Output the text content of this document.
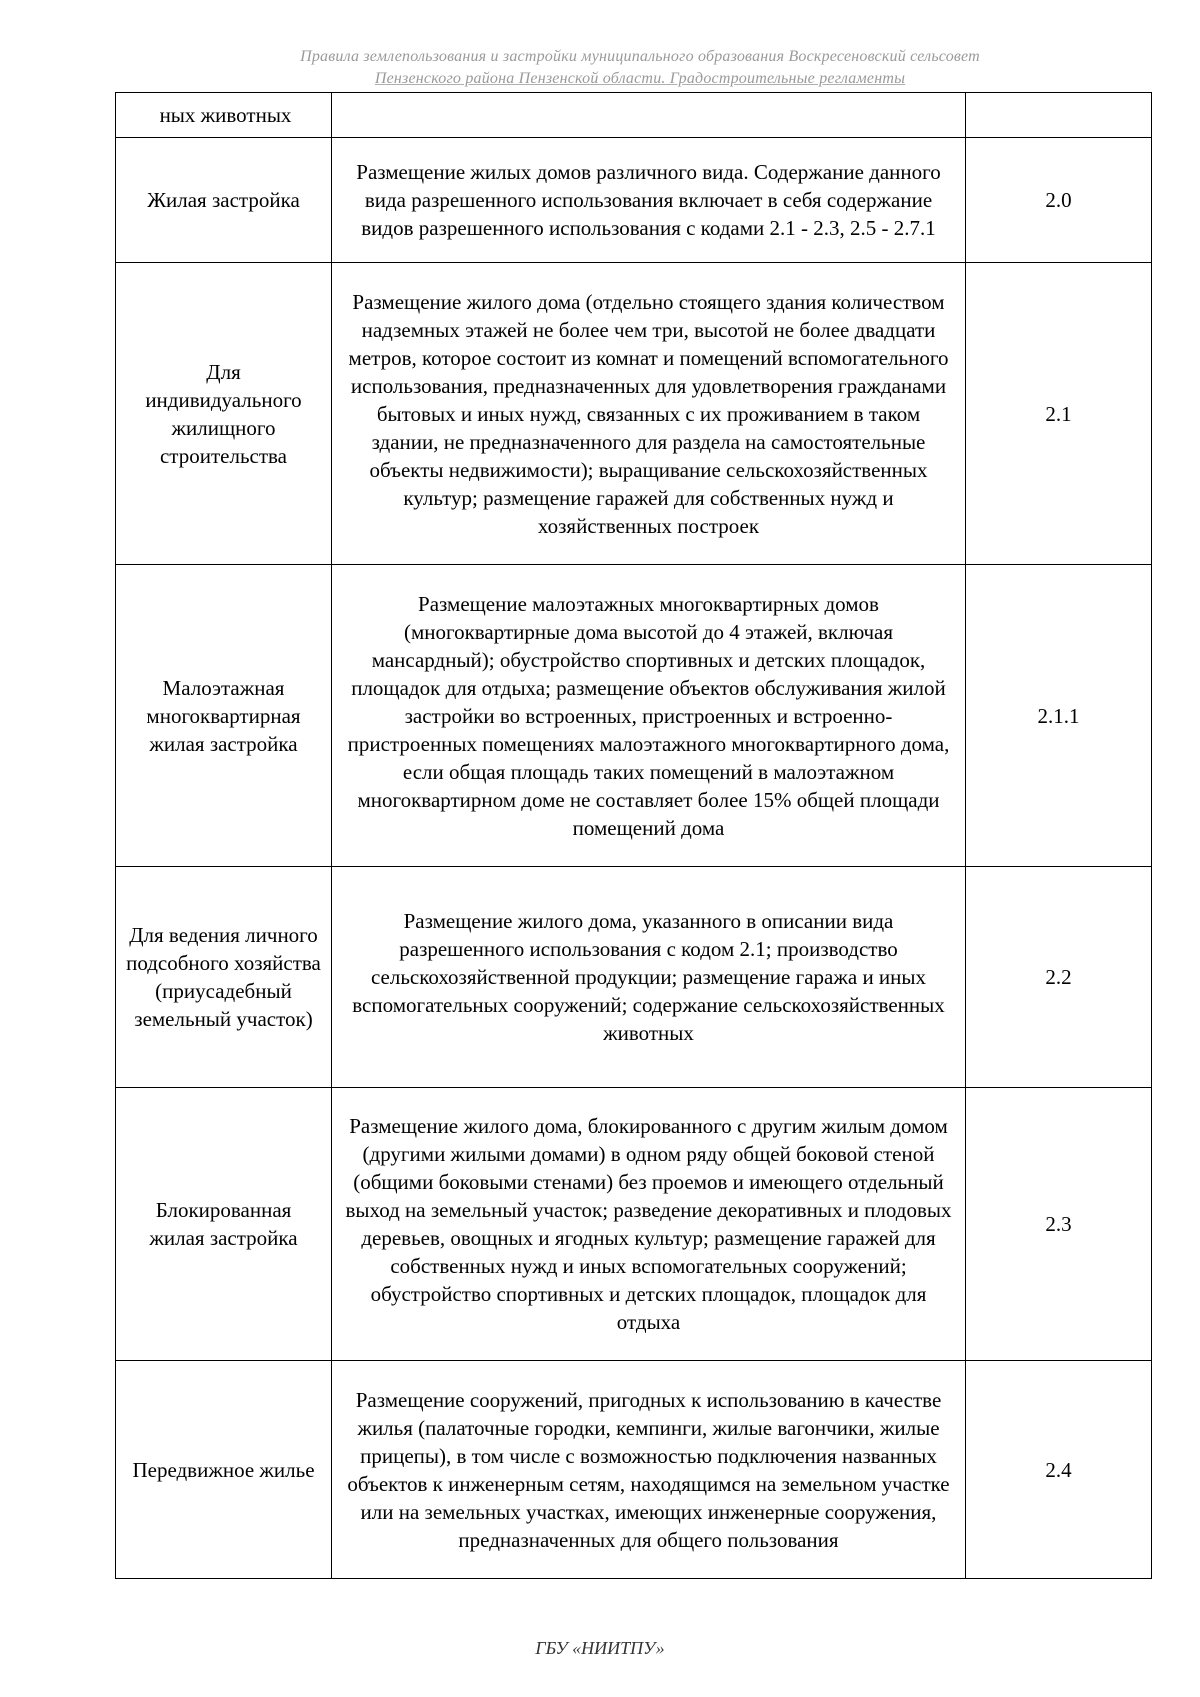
Правила землепользования и застройки муниципального образования Воскресеновский сельсовет
Пензенского района Пензенской области. Градостроительные регламенты
ных животных		
Жилая застройка	Размещение жилых домов различного вида. Содержание данного вида разрешенного использования включает в себя содержание видов разрешенного использования с кодами 2.1 - 2.3, 2.5 - 2.7.1	2.0
Для индивидуального жилищного строительства	Размещение жилого дома (отдельно стоящего здания количеством надземных этажей не более чем три, высотой не более двадцати метров, которое состоит из комнат и помещений вспомогательного использования, предназначенных для удовлетворения гражданами бытовых и иных нужд, связанных с их проживанием в таком здании, не предназначенного для раздела на самостоятельные объекты недвижимости); выращивание сельскохозяйственных культур; размещение гаражей для собственных нужд и хозяйственных построек	2.1
Малоэтажная многоквартирная жилая застройка	Размещение малоэтажных многоквартирных домов (многоквартирные дома высотой до 4 этажей, включая мансардный); обустройство спортивных и детских площадок, площадок для отдыха; размещение объектов обслуживания жилой застройки во встроенных, пристроенных и встроенно-пристроенных помещениях малоэтажного многоквартирного дома, если общая площадь таких помещений в малоэтажном многоквартирном доме не составляет более 15% общей площади помещений дома	2.1.1
Для ведения личного подсобного хозяйства (приусадебный земельный участок)	Размещение жилого дома, указанного в описании вида разрешенного использования с кодом 2.1; производство сельскохозяйственной продукции; размещение гаража и иных вспомогательных сооружений; содержание сельскохозяйственных животных	2.2
Блокированная жилая застройка	Размещение жилого дома, блокированного с другим жилым домом (другими жилыми домами) в одном ряду общей боковой стеной (общими боковыми стенами) без проемов и имеющего отдельный выход на земельный участок; разведение декоративных и плодовых деревьев, овощных и ягодных культур; размещение гаражей для собственных нужд и иных вспомогательных сооружений; обустройство спортивных и детских площадок, площадок для отдыха	2.3
Передвижное жилье	Размещение сооружений, пригодных к использованию в качестве жилья (палаточные городки, кемпинги, жилые вагончики, жилые прицепы), в том числе с возможностью подключения названных объектов к инженерным сетям, находящимся на земельном участке или на земельных участках, имеющих инженерные сооружения, предназначенных для общего пользования	2.4
ГБУ «НИИТПУ»
